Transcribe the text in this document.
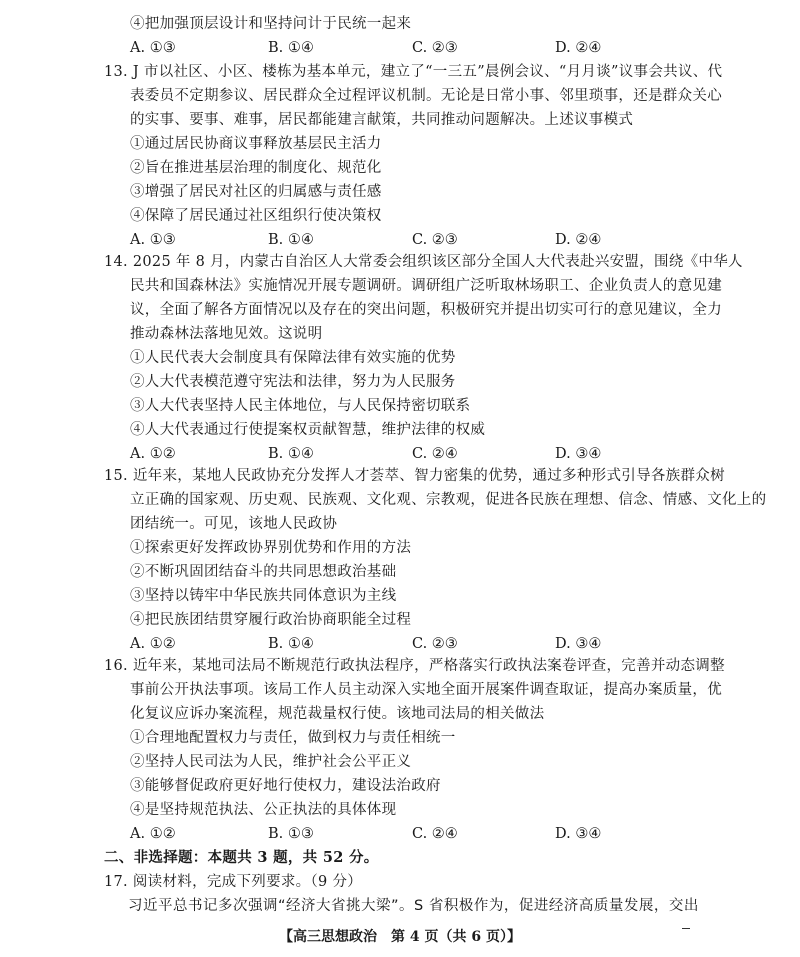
④把加强顶层设计和坚持问计于民统一起来
A. ①③	B. ①④	C. ②③	D. ②④
13. J 市以社区、小区、楼栋为基本单元，建立了“一三五”晨例会议、“月月谈”议事会共议、代
表委员不定期参议、居民群众全过程评议机制。无论是日常小事、邻里琐事，还是群众关心
的实事、要事、难事，居民都能建言献策，共同推动问题解决。上述议事模式
①通过居民协商议事释放基层民主活力
②旨在推进基层治理的制度化、规范化
③增强了居民对社区的归属感与责任感
④保障了居民通过社区组织行使决策权
A. ①③	B. ①④	C. ②③	D. ②④
14. 2025 年 8 月，内蒙古自治区人大常委会组织该区部分全国人大代表赴兴安盟，围绕《中华人
民共和国森林法》实施情况开展专题调研。调研组广泛听取林场职工、企业负责人的意见建
议，全面了解各方面情况以及存在的突出问题，积极研究并提出切实可行的意见建议，全力
推动森林法落地见效。这说明
①人民代表大会制度具有保障法律有效实施的优势
②人大代表模范遵守宪法和法律，努力为人民服务
③人大代表坚持人民主体地位，与人民保持密切联系
④人大代表通过行使提案权贡献智慧，维护法律的权威
A. ①②	B. ①④	C. ②④	D. ③④
15. 近年来，某地人民政协充分发挥人才荟萃、智力密集的优势，通过多种形式引导各族群众树
立正确的国家观、历史观、民族观、文化观、宗教观，促进各民族在理想、信念、情感、文化上的
团结统一。可见，该地人民政协
①探索更好发挥政协界别优势和作用的方法
②不断巩固团结奋斗的共同思想政治基础
③坚持以铸牢中华民族共同体意识为主线
④把民族团结贯穿履行政治协商职能全过程
A. ①②	B. ①④	C. ②③	D. ③④
16. 近年来，某地司法局不断规范行政执法程序，严格落实行政执法案卷评查，完善并动态调整
事前公开执法事项。该局工作人员主动深入实地全面开展案件调查取证，提高办案质量，优
化复议应诉办案流程，规范裁量权行使。该地司法局的相关做法
①合理地配置权力与责任，做到权力与责任相统一
②坚持人民司法为人民，维护社会公平正义
③能够督促政府更好地行使权力，建设法治政府
④是坚持规范执法、公正执法的具体体现
A. ①②	B. ①③	C. ②④	D. ③④
二、非选择题：本题共 3 题，共 52 分。
17. 阅读材料，完成下列要求。（9 分）
习近平总书记多次强调“经济大省挑大梁”。S 省积极作为，促进经济高质量发展，交出
【高三思想政治　第 4 页（共 6 页）】
